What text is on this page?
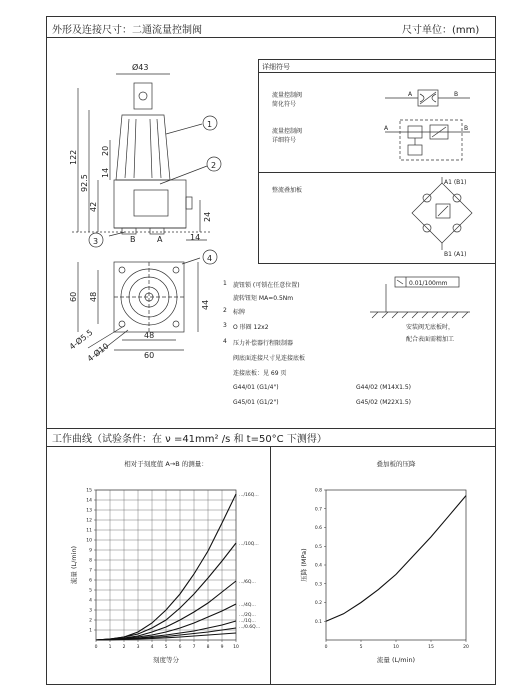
外形及连接尺寸：二通流量控制阀	尺寸单位：(mm)
Ø43
122
92.5
42
14
20
24
14
60 48
48
60
44
4-Ø5.5
4-Ø10
1
2
3
4
B	A
详细符号
流量控制阀
简化符号
流量控制阀
详细符号
整流叠加板
A	B
A	B
A1 (B1)
B1 (A1)
1 旋钮锁 (可锁在任意位置)
旋转钮矩 MA=0.5Nm
2 标牌
3 O 形圈 12x2
4 压力补偿器行程限制器
阀底面连接尺寸见连接底板
连接底板：见 69 页
G44/01 (G1/4")	G44/02 (M14X1.5)
G45/01 (G1/2")	G45/02 (M22X1.5)
0.01/100mm
安装阀无底板时，
配合表面需精加工
工作曲线（试验条件：在 ν =41mm² /s 和 t=50°C 下测得）
相对于刻度值 A→B 的测量：
0 1 2 3 4 5 6 7 8 9 10
1
2
3
4
5
6
7
8
9
10
11
12
13
14
15
…/16Q…
…/10Q…
…/6Q…
…/4Q…
…/2Q…
…/1Q…
…/0.6Q…
刻度等分
流量 (L/min)
叠加板的压降
0	5	10	15	20
0.1
0.2
0.3
0.4
0.5
0.6
0.7
0.8
流量 (L/min)
压降 (MPa)
